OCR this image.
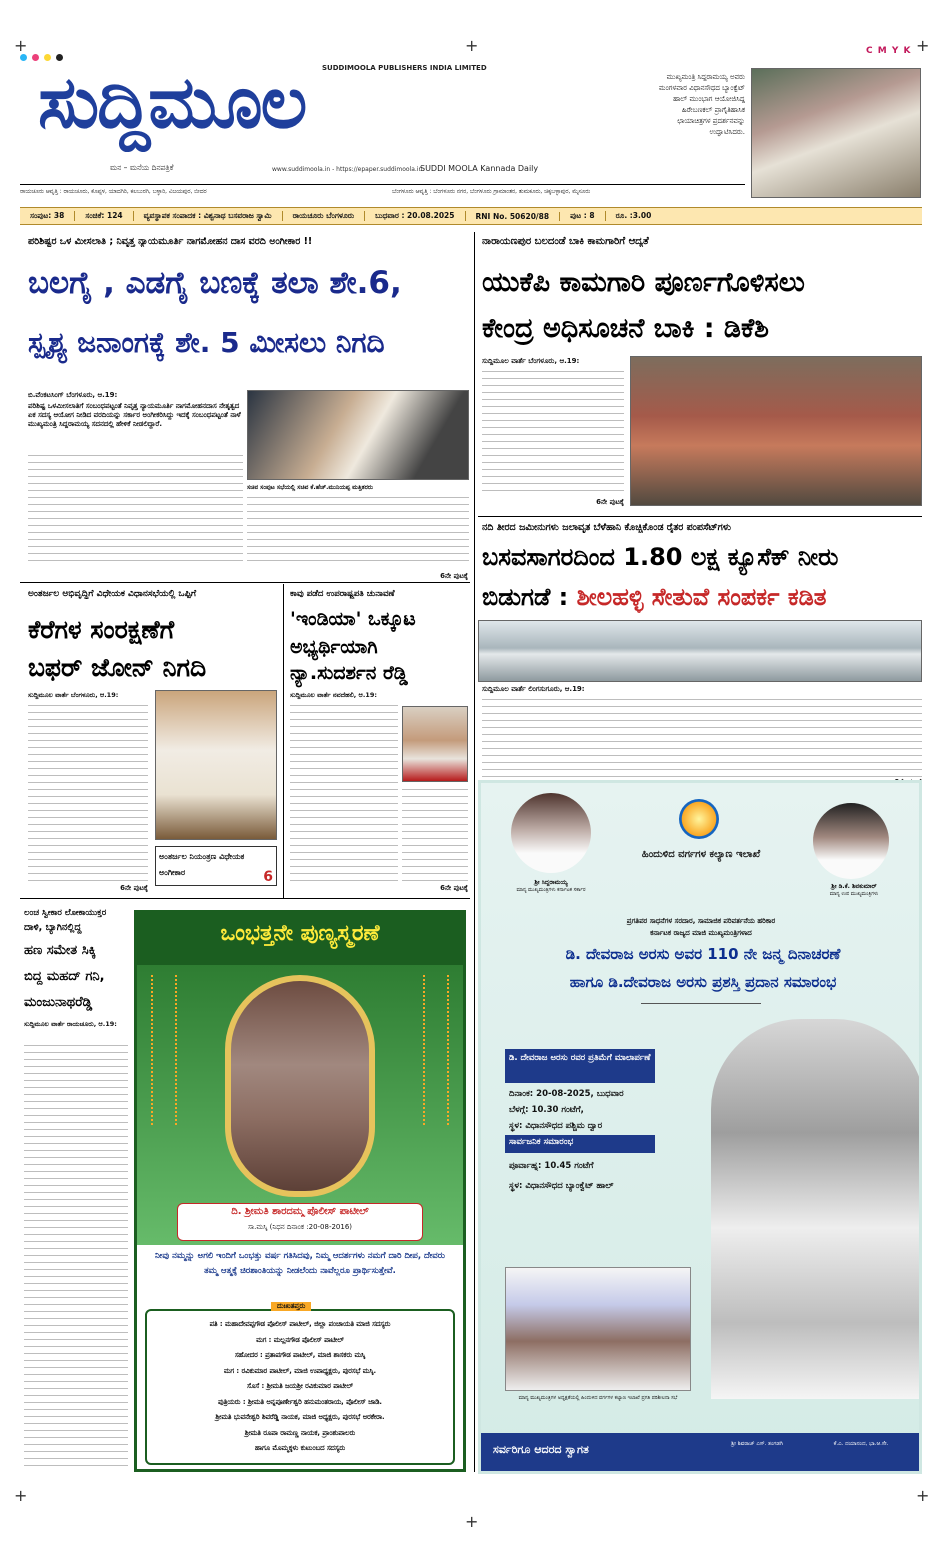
+	C M Y K
ಸುದ್ದಿಮೂಲ	SUDDIMOOLA PUBLISHERS INDIA LIMITED
ಮನ – ಮನೆಯ ದಿನಪತ್ರಿಕೆ	www.suddimoola.in - https://epaper.suddimoola.in
SUDDI MOOLA Kannada Daily
ಮುಖ್ಯಮಂತ್ರಿ ಸಿದ್ದರಾಮಯ್ಯ ಅವರು ಮಂಗಳವಾರ ವಿಧಾನಸೌಧದ ಬ್ಯಾಂಕ್ವೆಟ್ ಹಾಲ್ ಮುಂಭಾಗ ಆಯೋಜಿಸಿದ್ದ ಹಿರೇಬಣಕಲ್ ಪ್ರಾಗೈತಿಹಾಸಿಕ ಛಾಯಾಚಿತ್ರಗಳ ಪ್ರದರ್ಶನವನ್ನು ಉದ್ಘಾಟಿಸಿದರು.
ರಾಯಚೂರು ಆವೃತ್ತಿ : ರಾಯಚೂರು, ಕೊಪ್ಪಳ, ಯಾದಗಿರಿ, ಕಲಬುರಗಿ, ಬಳ್ಳಾರಿ, ವಿಜಯಪುರ, ಬೀದರ	ಬೆಂಗಳೂರು ಆವೃತ್ತಿ : ಬೆಂಗಳೂರು ನಗರ, ಬೆಂಗಳೂರು ಗ್ರಾಮಾಂತರ, ತುಮಕೂರು, ಚಿಕ್ಕಬಳ್ಳಾಪುರ, ಮೈಸೂರು
ಸಂಪುಟ: 38	ಸಂಚಿಕೆ: 124	ವ್ಯವಸ್ಥಾಪಕ ಸಂಪಾದಕ : ವಿಶ್ವನಾಥ ಬಸವರಾಜ ಸ್ವಾಮಿ	ರಾಯಚೂರು ಬೆಂಗಳೂರು	ಬುಧವಾರ : 20.08.2025	RNI No. 50620/88	ಪುಟ : 8	ರೂ. :3.00
ಪರಿಶಿಷ್ಟರ ಒಳ ಮೀಸಲಾತಿ ; ನಿವೃತ್ತ ನ್ಯಾಯಮೂರ್ತಿ ನಾಗಮೋಹನ ದಾಸ ವರದಿ ಅಂಗೀಕಾರ !!
ಬಲಗೈ , ಎಡಗೈ ಬಣಕ್ಕೆ ತಲಾ ಶೇ.6,
ಸ್ಪೃಶ್ಯ ಜನಾಂಗಕ್ಕೆ ಶೇ. 5 ಮೀಸಲು ನಿಗದಿ
ಬಿ.ವೆಂಕಟಸಿಂಗ್ ಬೆಂಗಳೂರು, ಆ.19:
ಪರಿಶಿಷ್ಟ ಒಳಮೀಸಲಾತಿಗೆ ಸಂಬಂಧಪಟ್ಟಂತೆ ನಿವೃತ್ತ ನ್ಯಾಯಮೂರ್ತಿ ನಾಗಮೋಹನದಾಸ ನೇತೃತ್ವದ ಏಕ ಸದಸ್ಯ ಆಯೋಗ ನೀಡಿದ ವರದಿಯನ್ನು ಸರ್ಕಾರ ಅಂಗೀಕರಿಸಿದ್ದು ಇದಕ್ಕೆ ಸಂಬಂಧಪಟ್ಟಂತೆ ನಾಳೆ ಮುಖ್ಯಮಂತ್ರಿ ಸಿದ್ದರಾಮಯ್ಯ ಸದನದಲ್ಲಿ ಹೇಳಿಕೆ ನೀಡಲಿದ್ದಾರೆ.
ಸಚಿವ ಸಂಪುಟ ಸಭೆಯಲ್ಲಿ ಸಚಿವ ಕೆ.ಹೆಚ್.ಮುನಿಯಪ್ಪ ಮತ್ತಿತರರು
6ನೇ ಪುಟಕ್ಕೆ
ನಾರಾಯಣಪುರ ಬಲದಂಡೆ ಬಾಕಿ ಕಾಮಗಾರಿಗೆ ಆದ್ಯತೆ
ಯುಕೆಪಿ ಕಾಮಗಾರಿ ಪೂರ್ಣಗೊಳಿಸಲು
ಕೇಂದ್ರ ಅಧಿಸೂಚನೆ ಬಾಕಿ : ಡಿಕೆಶಿ
ಸುದ್ದಿಮೂಲ ವಾರ್ತೆ ಬೆಂಗಳೂರು, ಆ.19:
6ನೇ ಪುಟಕ್ಕೆ
ನದಿ ತೀರದ ಜಮೀನುಗಳು ಜಲಾವೃತ ಬೆಳೆಹಾನಿ ಕೊಚ್ಚಿಕೊಂಡ ರೈತರ ಪಂಪಸೆಟ್‌ಗಳು
ಬಸವಸಾಗರದಿಂದ 1.80 ಲಕ್ಷ ಕ್ಯೂಸೆಕ್ ನೀರು
ಬಿಡುಗಡೆ : ಶೀಲಹಳ್ಳಿ ಸೇತುವೆ ಸಂಪರ್ಕ ಕಡಿತ
ಸುದ್ದಿಮೂಲ ವಾರ್ತೆ ಲಿಂಗಸುಗೂರು, ಆ.19:
ಅಂತರ್ಜಲ ಅಭಿವೃದ್ಧಿಗೆ ವಿಧೇಯಕ ವಿಧಾನಸಭೆಯಲ್ಲಿ ಒಪ್ಪಿಗೆ
ಕೆರೆಗಳ ಸಂರಕ್ಷಣೆಗೆ
ಬಫರ್ ಜೋನ್ ನಿಗದಿ
ಸುದ್ದಿಮೂಲ ವಾರ್ತೆ ಬೆಂಗಳೂರು, ಆ.19:
ಅಂತರ್ಜಲ ನಿಯಂತ್ರಣ ವಿಧೇಯಕ ಅಂಗೀಕಾರ	6
6ನೇ ಪುಟಕ್ಕೆ
ಕಾವು ಪಡೆದ ಉಪರಾಷ್ಟ್ರಪತಿ ಚುನಾವಣೆ
'ಇಂಡಿಯಾ' ಒಕ್ಕೂಟ
ಅಭ್ಯರ್ಥಿಯಾಗಿ
ನ್ಯಾ.ಸುದರ್ಶನ ರೆಡ್ಡಿ
ಸುದ್ದಿಮೂಲ ವಾರ್ತೆ ನವದೆಹಲಿ, ಆ.19:
6ನೇ ಪುಟಕ್ಕೆ
ಲಂಚ ಸ್ವೀಕಾರ ಲೋಕಾಯುಕ್ತರ
ದಾಳಿ, ಬ್ಯಾಗಿನಲ್ಲಿದ್ದ
ಹಣ ಸಮೇತ ಸಿಕ್ಕಿ
ಬಿದ್ದ ಮಹದ್ ಗನಿ,
ಮಂಜುನಾಥರೆಡ್ಡಿ
ಸುದ್ದಿಮೂಲ ವಾರ್ತೆ ರಾಯಚೂರು, ಆ.19:
ಒಂಭತ್ತನೇ ಪುಣ್ಯಸ್ಮರಣೆ
ದಿ. ಶ್ರೀಮತಿ ಶಾರದಮ್ಮ ಪೊಲೀಸ್ ಪಾಟೀಲ್
ಸಾ.ಮಸ್ಕಿ (ನಿಧನ ದಿನಾಂಕ :20-08-2016)
ನೀವು ನಮ್ಮನ್ನು ಅಗಲಿ ಇಂದಿಗೆ ಒಂಭತ್ತು ವರ್ಷ ಗತಿಸಿದವು, ನಿಮ್ಮ ಆದರ್ಶಗಳು ನಮಗೆ ದಾರಿ ದೀಪ, ದೇವರು ತಮ್ಮ ಆತ್ಮಕ್ಕೆ ಚಿರಶಾಂತಿಯನ್ನು ನೀಡಲೆಂದು ನಾವೆಲ್ಲರೂ ಪ್ರಾರ್ಥಿಸುತ್ತೇವೆ.
ದುಃಖತಪ್ತರು
ಪತಿ : ಮಹಾದೇವಪ್ಪಗೌಡ ಪೊಲೀಸ್ ಪಾಟೀಲ್, ಜಿಲ್ಲಾ ಪಂಚಾಯತಿ ಮಾಜಿ ಸದಸ್ಯರು
ಮಗ : ಮಲ್ಲನಗೌಡ ಪೊಲೀಸ್ ಪಾಟೀಲ್
ಸಹೋದರ : ಪ್ರತಾಪಗೌಡ ಪಾಟೀಲ್, ಮಾಜಿ ಶಾಸಕರು ಮಸ್ಕಿ
ಮಗ : ರವಿಕುಮಾರ ಪಾಟೀಲ್, ಮಾಜಿ ಉಪಾಧ್ಯಕ್ಷರು, ಪುರಸಭೆ ಮಸ್ಕಿ.
ಸೊಸೆ : ಶ್ರೀಮತಿ ಜಯಶ್ರೀ ರವಿಕುಮಾರ ಪಾಟೀಲ್
ಪುತ್ರಿಯರು : ಶ್ರೀಮತಿ ಅನ್ನಪೂರ್ಣೇಶ್ವರಿ ಹನುಮಂತರಾಯ, ಪೊಲೀಸ್ ಜಾಡಿ.
ಶ್ರೀಮತಿ ಭುವನೇಶ್ವರಿ ಶಿವರೆಡ್ಡಿ ನಾಯಕ, ಮಾಜಿ ಅಧ್ಯಕ್ಷರು, ಪುರಸಭೆ ಅರಕೇರಾ.
ಶ್ರೀಮತಿ ರೂಪಾ ರಾಮಣ್ಣ ನಾಯಕ, ಪ್ರಾಂಶುಪಾಲರು
ಹಾಗೂ ಮೊಮ್ಮಕ್ಕಳು ಕುಟುಂಬದ ಸದಸ್ಯರು
ಶ್ರೀ ಸಿದ್ದರಾಮಯ್ಯ
ಮಾನ್ಯ ಮುಖ್ಯಮಂತ್ರಿಗಳು ಕರ್ನಾಟಕ ಸರ್ಕಾರ
ಹಿಂದುಳಿದ ವರ್ಗಗಳ ಕಲ್ಯಾಣ ಇಲಾಖೆ
ಶ್ರೀ ಡಿ.ಕೆ. ಶಿವಕುಮಾರ್
ಮಾನ್ಯ ಉಪ ಮುಖ್ಯಮಂತ್ರಿಗಳು
ಪ್ರಗತಿಪರ ಸಾಧನೆಗಳ ಸರದಾರ, ಸಾಮಾಜಿಕ ಪರಿವರ್ತನೆಯ ಹರಿಕಾರ
ಕರ್ನಾಟಕ ರಾಜ್ಯದ ಮಾಜಿ ಮುಖ್ಯಮಂತ್ರಿಗಳಾದ
ಡಿ. ದೇವರಾಜ ಅರಸು ಅವರ 110 ನೇ ಜನ್ಮ ದಿನಾಚರಣೆ
ಹಾಗೂ ಡಿ.ದೇವರಾಜ ಅರಸು ಪ್ರಶಸ್ತಿ ಪ್ರದಾನ ಸಮಾರಂಭ
ಡಿ. ದೇವರಾಜ ಅರಸು ರವರ ಪ್ರತಿಮೆಗೆ ಮಾಲಾರ್ಪಣೆ
ದಿನಾಂಕ: 20-08-2025, ಬುಧವಾರ
ಬೆಳಗ್ಗೆ: 10.30 ಗಂಟೆಗೆ,
ಸ್ಥಳ: ವಿಧಾನಸೌಧದ ಪಶ್ಚಿಮ ದ್ವಾರ
ಸಾರ್ವಜನಿಕ ಸಮಾರಂಭ
ಪೂರ್ವಾಹ್ನ: 10.45 ಗಂಟೆಗೆ
ಸ್ಥಳ: ವಿಧಾನಸೌಧದ ಬ್ಯಾಂಕ್ವೆಟ್ ಹಾಲ್
ಮಾನ್ಯ ಮುಖ್ಯಮಂತ್ರಿಗಳ ಅಧ್ಯಕ್ಷತೆಯಲ್ಲಿ ಹಿಂದುಳಿದ ವರ್ಗಗಳ ಕಲ್ಯಾಣ ಇಲಾಖೆ ಪ್ರಗತಿ ಪರಿಶೀಲನಾ ಸಭೆ
ಸರ್ವರಿಗೂ ಆದರದ ಸ್ವಾಗತ	ಶ್ರೀ ಶಿವರಾಜ್ ಎಸ್. ತಂಗಡಗಿ	ಕೆ.ಎ. ದಯಾನಂದ, ಭಾ.ಆ.ಸೇ.
+
+
+
+	+
